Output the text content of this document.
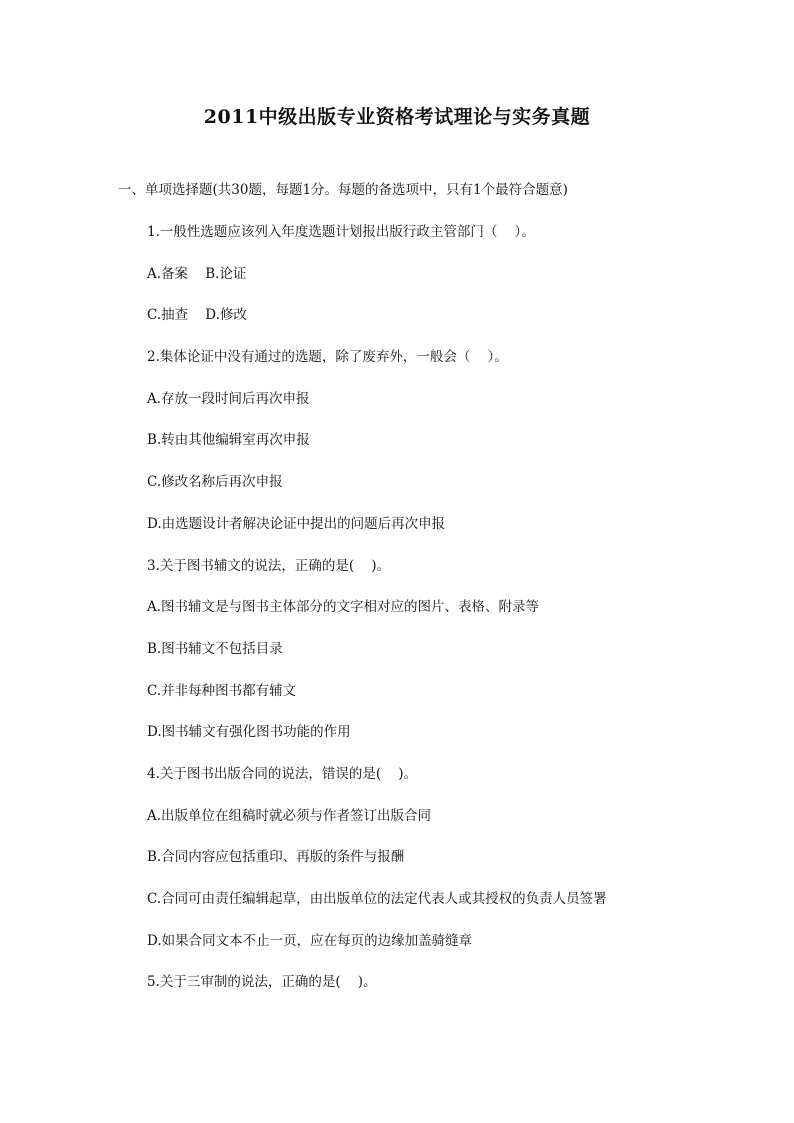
2011中级出版专业资格考试理论与实务真题
一、单项选择题(共30题，每题1分。每题的备选项中，只有1个最符合题意)
1.一般性选题应该列入年度选题计划报出版行政主管部门（    ）。
A.备案    B.论证
C.抽查    D.修改
2.集体论证中没有通过的选题，除了废弃外，一般会（    ）。
A.存放一段时间后再次申报
B.转由其他编辑室再次申报
C.修改名称后再次申报
D.由选题设计者解决论证中提出的问题后再次申报
3.关于图书辅文的说法，正确的是(    )。
A.图书辅文是与图书主体部分的文字相对应的图片、表格、附录等
B.图书辅文不包括目录
C.并非每种图书都有辅文
D.图书辅文有强化图书功能的作用
4.关于图书出版合同的说法，错误的是(    )。
A.出版单位在组稿时就必须与作者签订出版合同
B.合同内容应包括重印、再版的条件与报酬
C.合同可由责任编辑起草，由出版单位的法定代表人或其授权的负责人员签署
D.如果合同文本不止一页，应在每页的边缘加盖骑缝章
5.关于三审制的说法，正确的是(    )。
